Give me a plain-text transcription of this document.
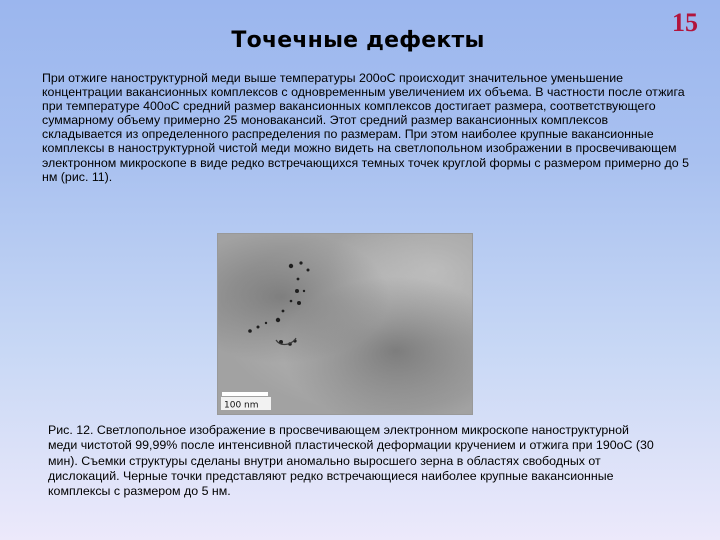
15
Точечные дефекты

При отжиге наноструктурной меди выше температуры 200оС происходит значительное уменьшение концентрации вакансионных комплексов с одновременным увеличением их объема. В частности после отжига при температуре 400оС средний размер вакансионных комплексов достигает размера, соответствующего суммарному объему примерно 25 моновакансий. Этот средний размер вакансионных комплексов складывается из определенного распределения по размерам. При этом наиболее крупные вакансионные комплексы в наноструктурной чистой меди можно видеть на светлопольном изображении в просвечивающем электронном микроскопе в виде редко встречающихся темных точек круглой формы с размером примерно до 5 нм (рис. 11).

100 nm

Рис. 12. Светлопольное изображение в просвечивающем электронном микроскопе наноструктурной меди чистотой 99,99% после интенсивной пластической деформации кручением и отжига при 190оС (30 мин). Съемки структуры сделаны внутри аномально выросшего зерна в областях свободных от дислокаций. Черные точки представляют редко встречающиеся наиболее крупные вакансионные комплексы с размером до 5 нм.
